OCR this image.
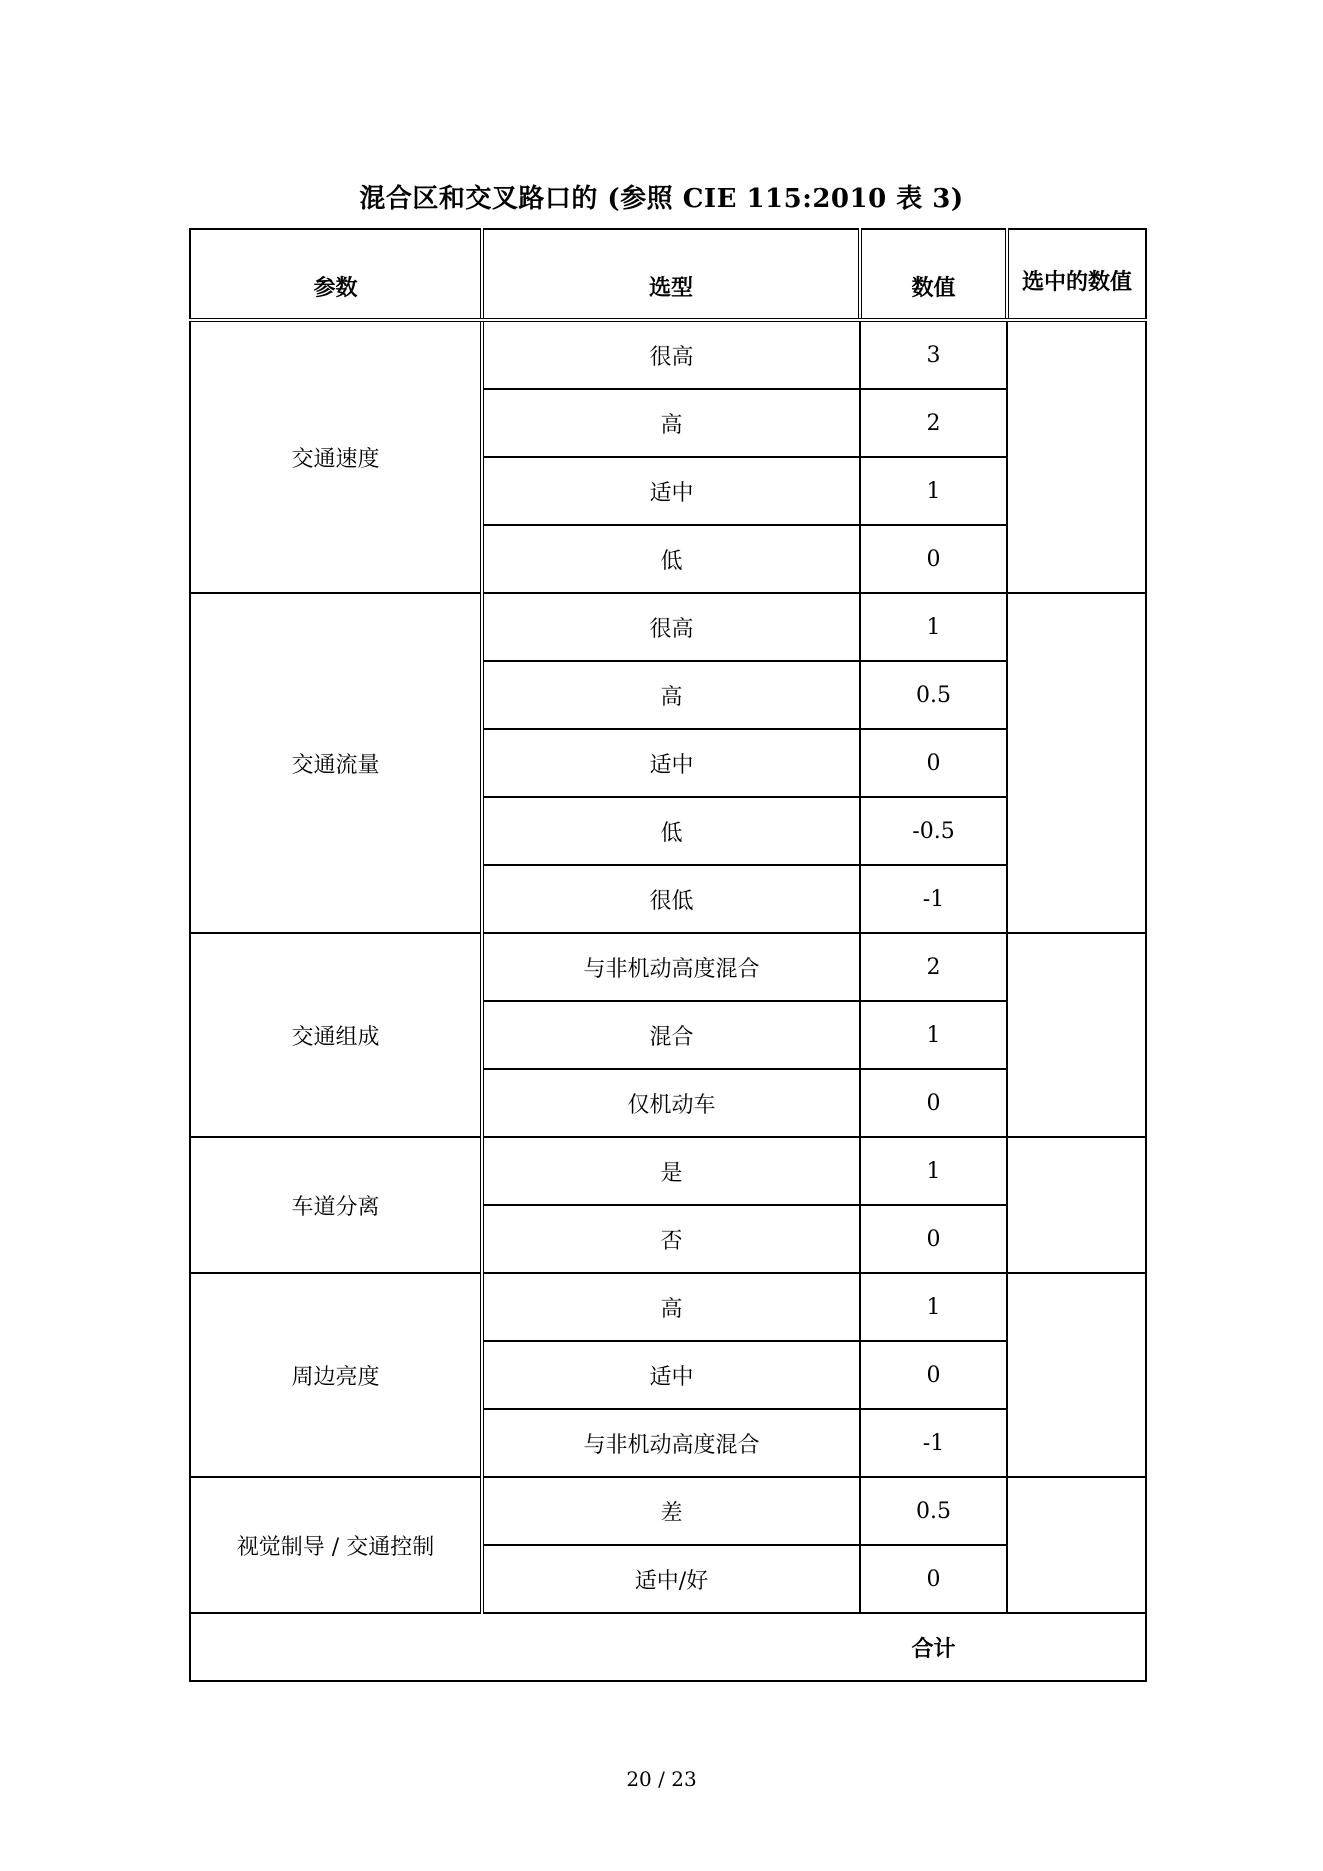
混合区和交叉路口的 (参照 CIE 115:2010 表 3)
参数	选型	数值	选中的数值
交通速度	很高	3	
	高	2	
	适中	1	
	低	0	
交通流量	很高	1	
	高	0.5	
	适中	0	
	低	-0.5	
	很低	-1	
交通组成	与非机动高度混合	2	
	混合	1	
	仅机动车	0	
车道分离	是	1	
	否	0	
周边亮度	高	1	
	适中	0	
	与非机动高度混合	-1	
视觉制导 / 交通控制	差	0.5	
	适中/好	0	
		合计	
20 / 23
